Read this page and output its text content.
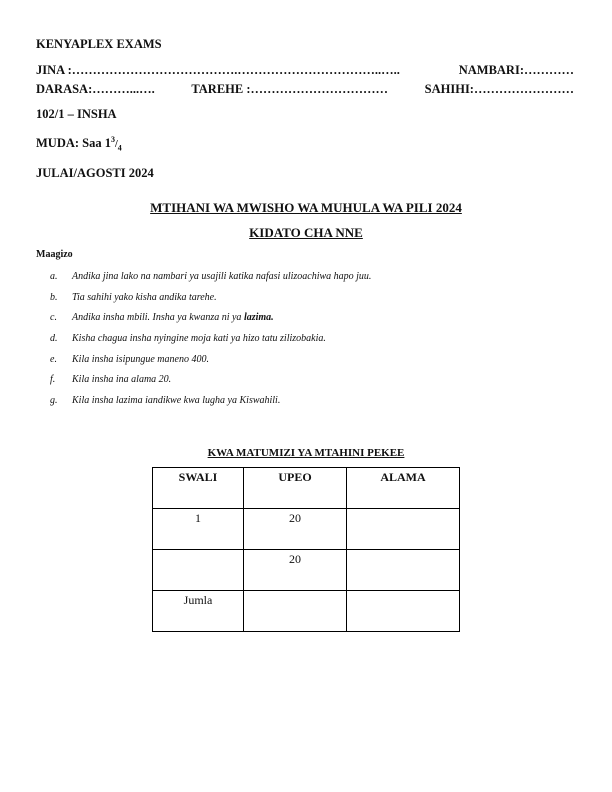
KENYAPLEX EXAMS
JINA :………………………………….……………………………..…..	NAMBARI:…………
DARASA:………...….	TAREHE :……………………………	SAHIHI:……………………
102/1 – INSHA
MUDA: Saa $1^3/_4$
JULAI/AGOSTI 2024
MTIHANI WA MWISHO WA MUHULA WA PILI 2024
KIDATO CHA NNE
Maagizo
a.	Andika jina lako na nambari ya usajili katika nafasi ulizoachiwa hapo juu.
b.	Tia sahihi yako kisha andika tarehe.
c.	Andika insha mbili. Insha ya kwanza ni ya lazima.
d.	Kisha chagua insha nyingine moja kati ya hizo tatu zilizobakia.
e.	Kila insha isipungue maneno 400.
f.	Kila insha ina alama 20.
g.	Kila insha lazima iandikwe kwa lugha ya Kiswahili.
KWA MATUMIZI YA MTAHINI PEKEE
SWALI	UPEO	ALAMA
1	20	
	20	
Jumla		
